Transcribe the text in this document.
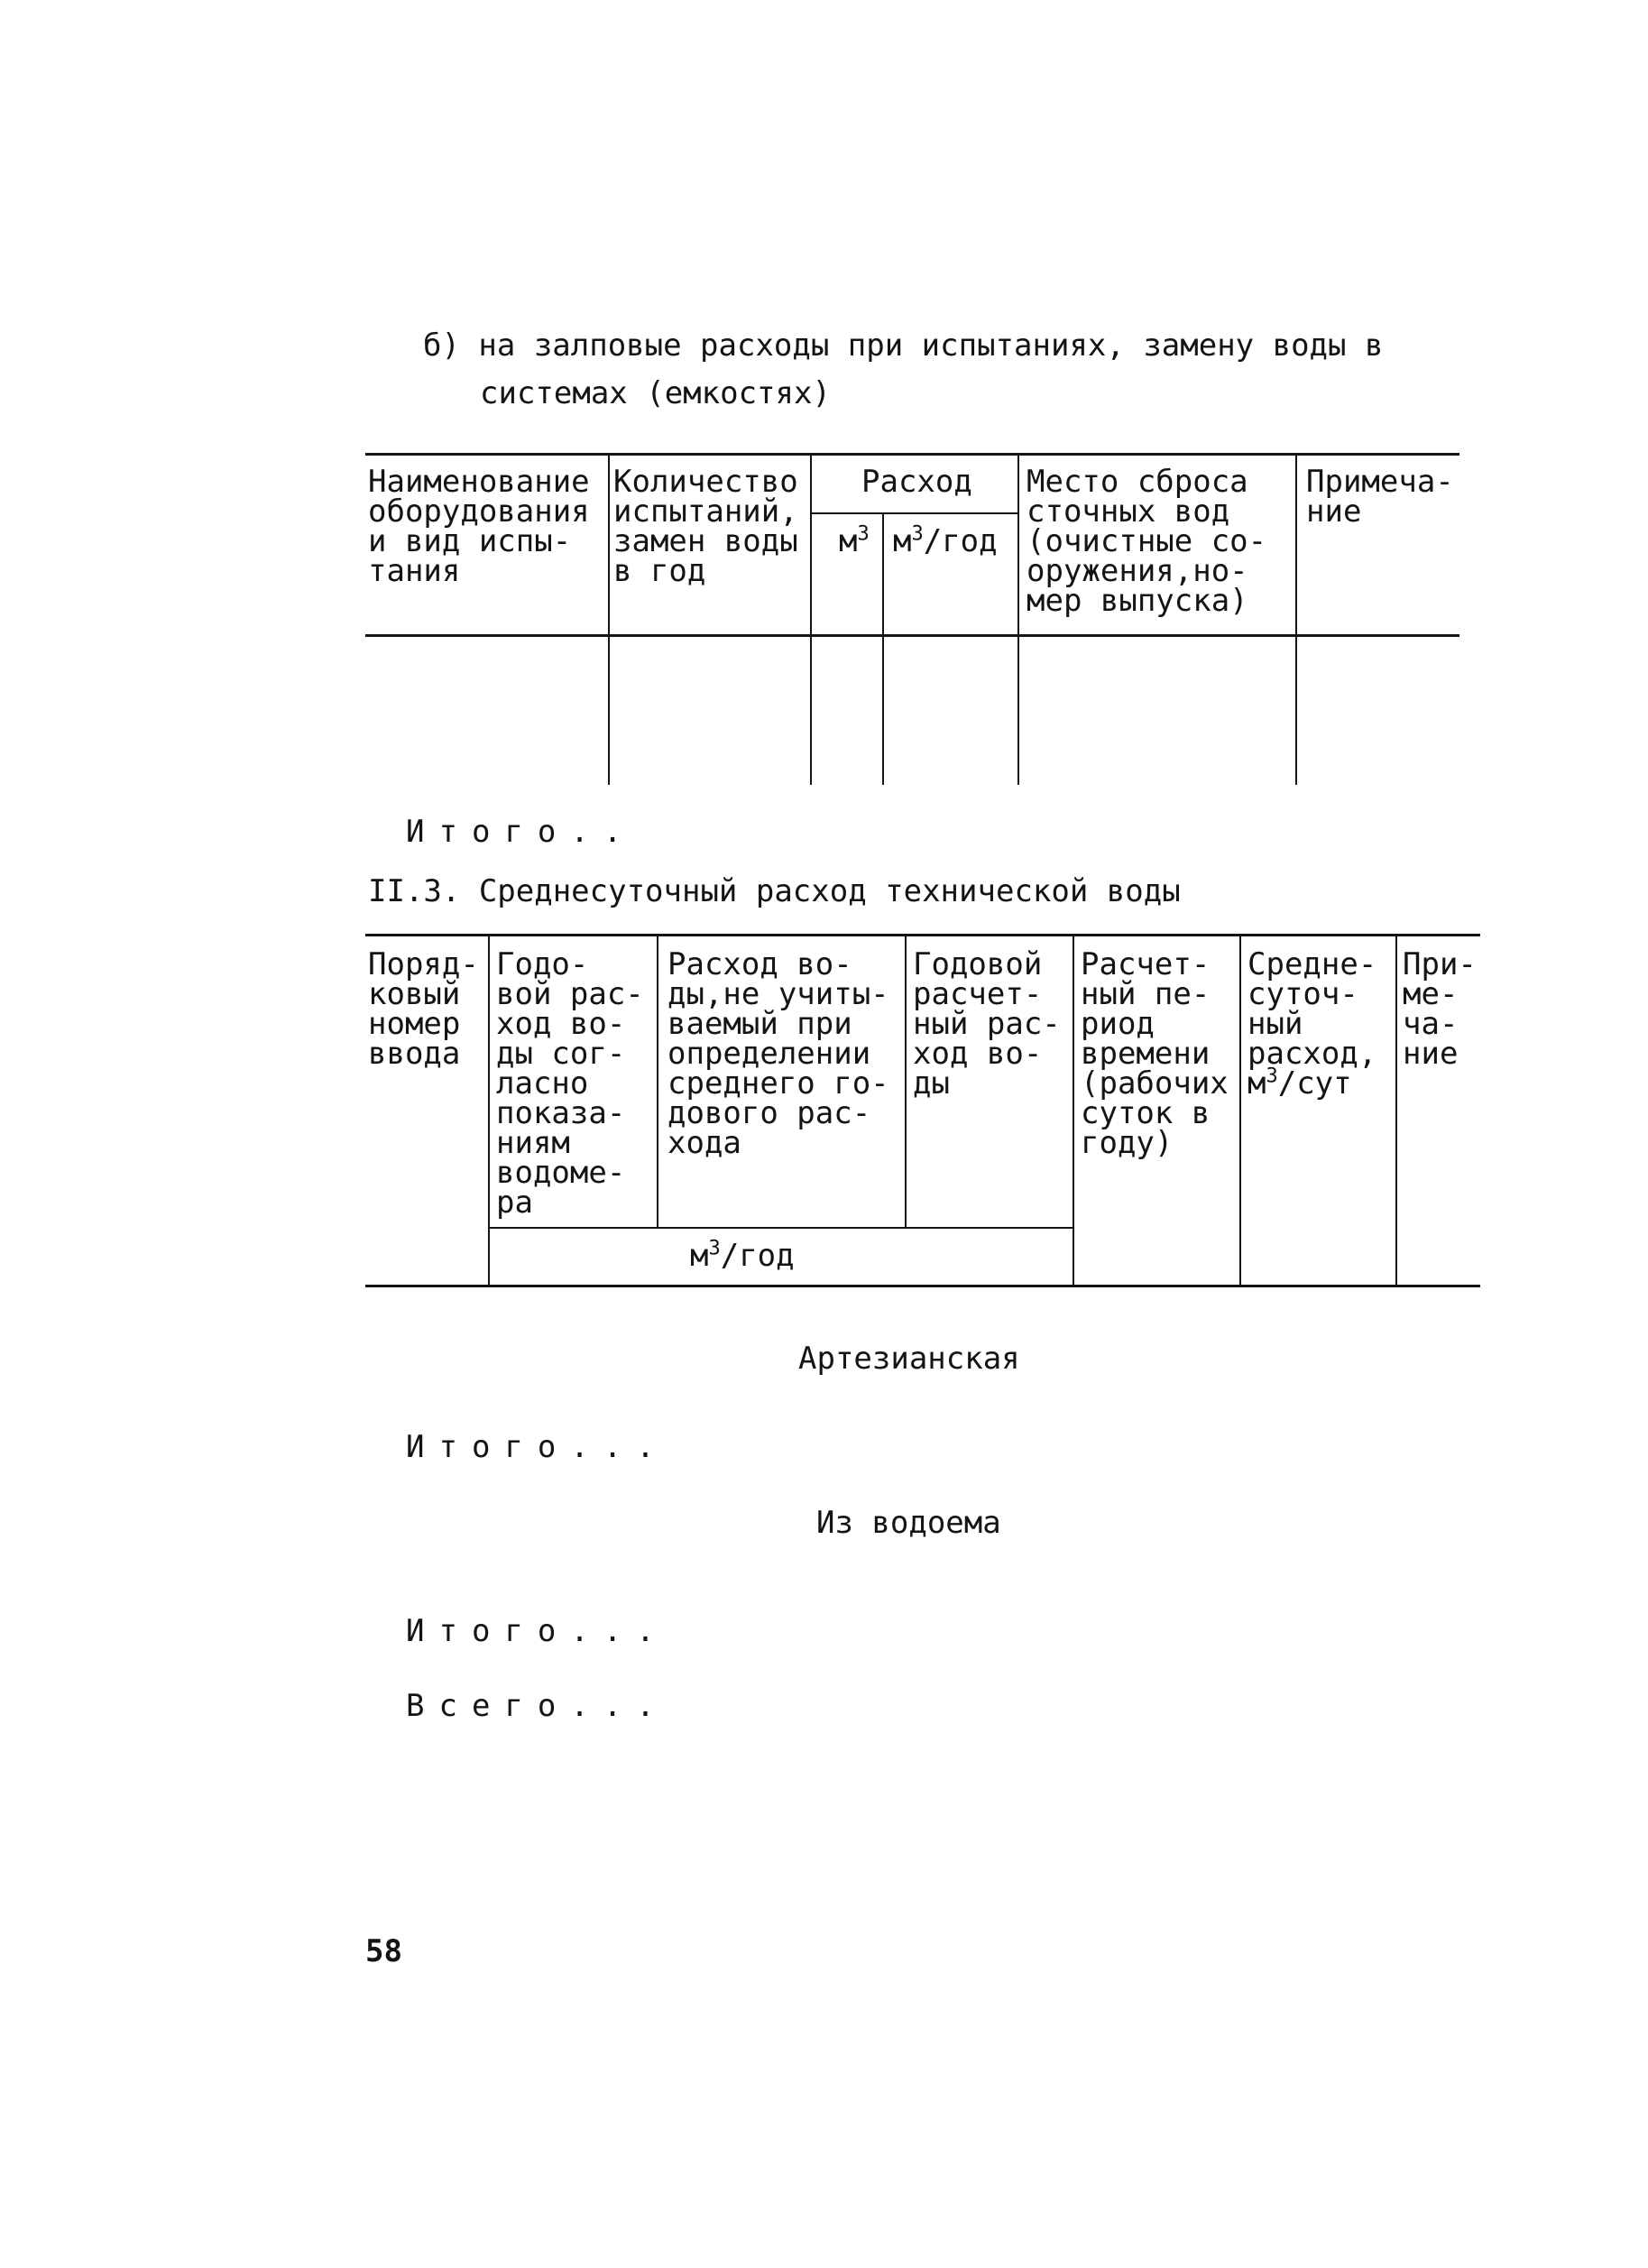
б) на залповые расходы при испытаниях, замену воды в
системах (емкостях)
Наименование
оборудования
и вид испы-
тания
Количество
испытаний,
замен воды
в год
Расход
$м^3$ $м^3$/год
Место сброса
сточных вод
(очистные со-
оружения,но-
мер выпуска)
Примеча-
ние
Итого..
II.3. Среднесуточный расход технической воды
Поряд-
ковый
номер
ввода
Годо-
вой рас-
ход во-
ды сог-
ласно
показа-
ниям
водоме-
ра
Расход во-
ды,не учиты-
ваемый при
определении
среднего го-
дового рас-
хода
Годовой
расчет-
ный рас-
ход во-
ды
Расчет-
ный пе-
риод
времени
(рабочих
суток в
году)
Средне-
суточ-
ный
расход,
$м^3$/сут
При-
ме-
ча-
ние
$м^3$/год
Артезианская
Итого...
Из водоема
Итого...
Всего...
58
